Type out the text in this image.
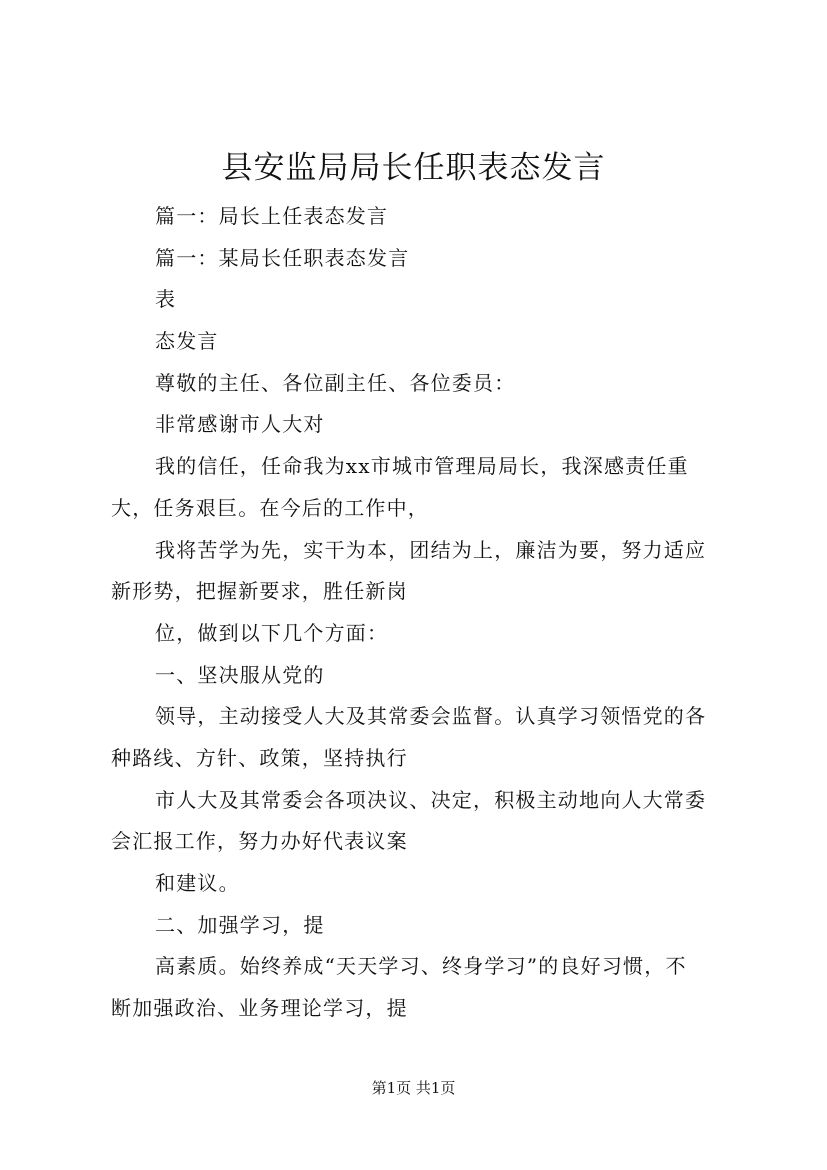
县安监局局长任职表态发言
篇一：局长上任表态发言
篇一：某局长任职表态发言
表
态发言
尊敬的主任、各位副主任、各位委员：
非常感谢市人大对
我的信任，任命我为xx市城市管理局局长，我深感责任重
大，任务艰巨。在今后的工作中，
我将苦学为先，实干为本，团结为上，廉洁为要，努力适应
新形势，把握新要求，胜任新岗
位，做到以下几个方面：
一、坚决服从党的
领导，主动接受人大及其常委会监督。认真学习领悟党的各
种路线、方针、政策，坚持执行
市人大及其常委会各项决议、决定，积极主动地向人大常委
会汇报工作，努力办好代表议案
和建议。
二、加强学习，提
高素质。始终养成“天天学习、终身学习”的良好习惯，不
断加强政治、业务理论学习，提
第1页 共1页
